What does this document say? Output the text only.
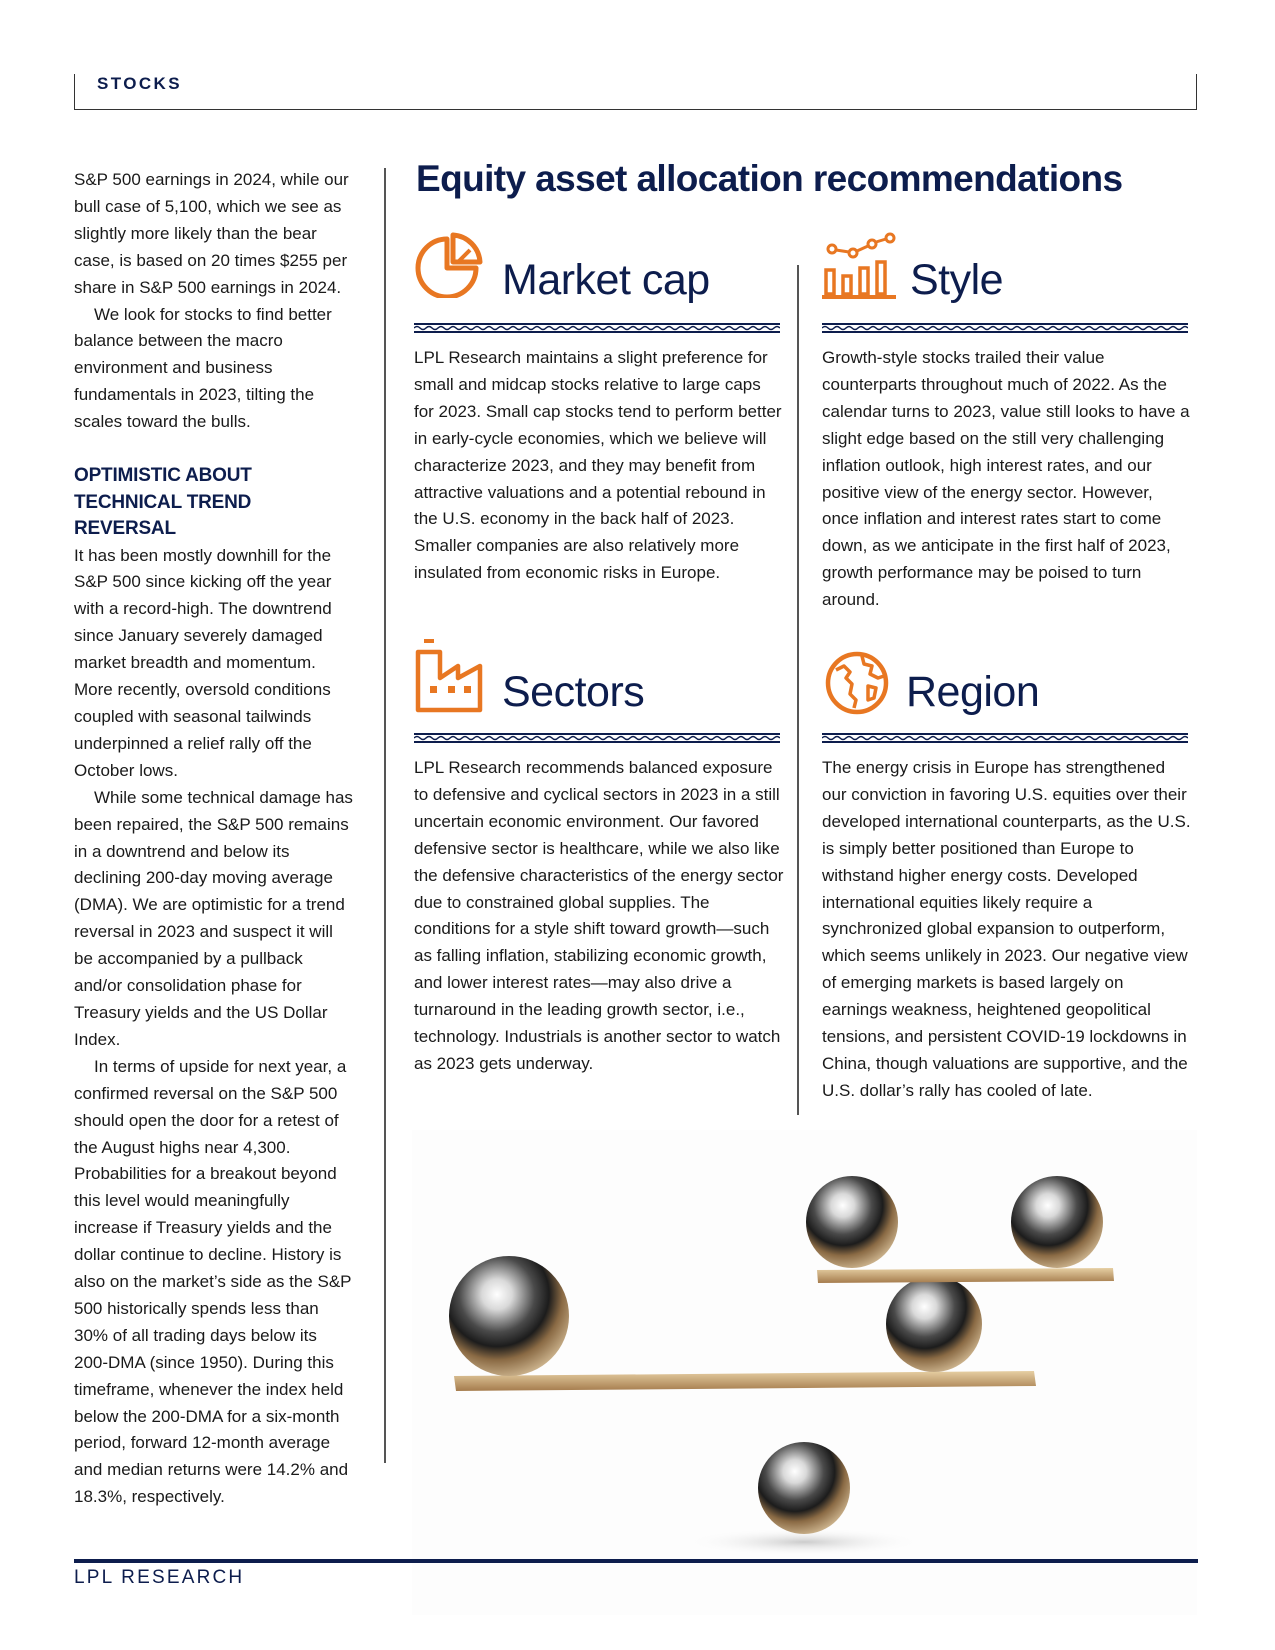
STOCKS

S&P 500 earnings in 2024, while our bull case of 5,100, which we see as slightly more likely than the bear case, is based on 20 times $255 per share in S&P 500 earnings in 2024.

We look for stocks to find better balance between the macro environment and business fundamentals in 2023, tilting the scales toward the bulls.

OPTIMISTIC ABOUT TECHNICAL TREND REVERSAL

It has been mostly downhill for the S&P 500 since kicking off the year with a record-high. The downtrend since January severely damaged market breadth and momentum. More recently, oversold conditions coupled with seasonal tailwinds underpinned a relief rally off the October lows.

While some technical damage has been repaired, the S&P 500 remains in a downtrend and below its declining 200-day moving average (DMA). We are optimistic for a trend reversal in 2023 and suspect it will be accompanied by a pullback and/or consolidation phase for Treasury yields and the US Dollar Index.

In terms of upside for next year, a confirmed reversal on the S&P 500 should open the door for a retest of the August highs near 4,300. Probabilities for a breakout beyond this level would meaningfully increase if Treasury yields and the dollar continue to decline. History is also on the market’s side as the S&P 500 historically spends less than 30% of all trading days below its 200-DMA (since 1950). During this timeframe, whenever the index held below the 200-DMA for a six-month period, forward 12-month average and median returns were 14.2% and 18.3%, respectively.

Equity asset allocation recommendations
Market cap
LPL Research maintains a slight preference for small and midcap stocks relative to large caps for 2023. Small cap stocks tend to perform better in early-cycle economies, which we believe will characterize 2023, and they may benefit from attractive valuations and a potential rebound in the U.S. economy in the back half of 2023. Smaller companies are also relatively more insulated from economic risks in Europe.
Style
Growth-style stocks trailed their value counterparts throughout much of 2022. As the calendar turns to 2023, value still looks to have a slight edge based on the still very challenging inflation outlook, high interest rates, and our positive view of the energy sector. However, once inflation and interest rates start to come down, as we anticipate in the first half of 2023, growth performance may be poised to turn around.
Sectors
LPL Research recommends balanced exposure to defensive and cyclical sectors in 2023 in a still uncertain economic environment. Our favored defensive sector is healthcare, while we also like the defensive characteristics of the energy sector due to constrained global supplies. The conditions for a style shift toward growth—such as falling inflation, stabilizing economic growth, and lower interest rates—may also drive a turnaround in the leading growth sector, i.e., technology. Industrials is another sector to watch as 2023 gets underway.
Region
The energy crisis in Europe has strengthened our conviction in favoring U.S. equities over their developed international counterparts, as the U.S. is simply better positioned than Europe to withstand higher energy costs. Developed international equities likely require a synchronized global expansion to outperform, which seems unlikely in 2023. Our negative view of emerging markets is based largely on earnings weakness, heightened geopolitical tensions, and persistent COVID-19 lockdowns in China, though valuations are supportive, and the U.S. dollar’s rally has cooled of late.
LPL RESEARCH
